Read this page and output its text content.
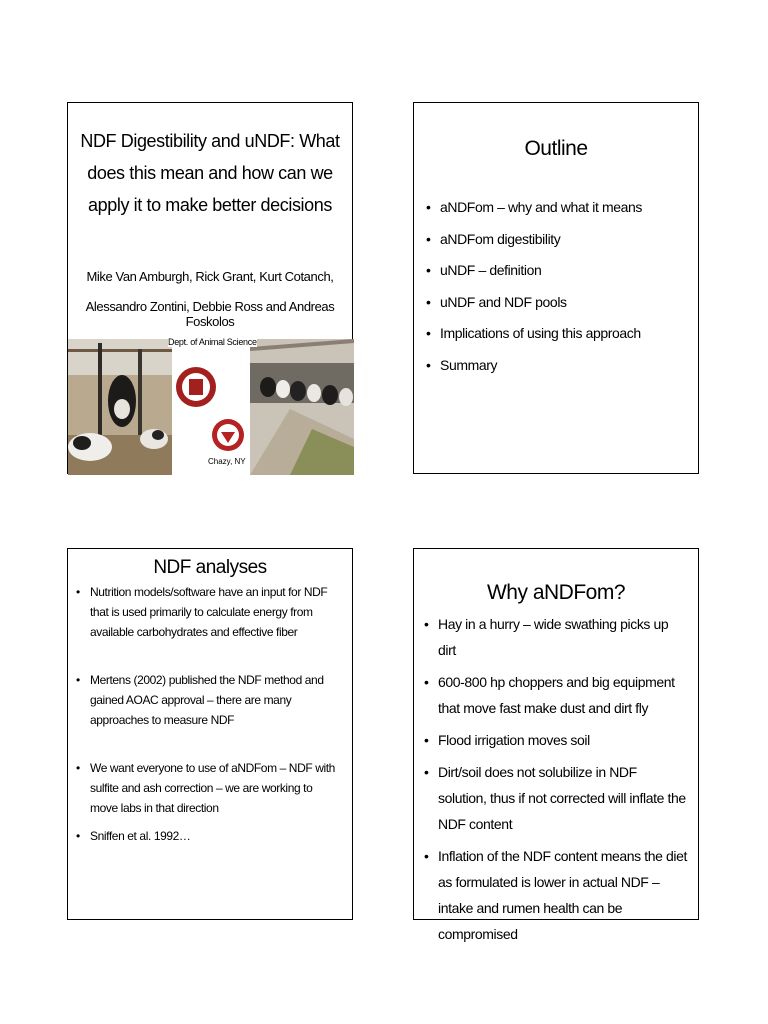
NDF Digestibility and uNDF: What
does this mean and how can we
apply it to make better decisions
Mike Van Amburgh, Rick Grant, Kurt Cotanch,
Alessandro Zontini, Debbie Ross and Andreas Foskolos
Dept. of Animal Science
Chazy, NY
Outline
• aNDFom – why and what it means
• aNDFom digestibility
• uNDF – definition
• uNDF and NDF pools
• Implications of using this approach
• Summary
NDF analyses
• Nutrition models/software have an input for NDF that is used primarily to calculate energy from available carbohydrates and effective fiber
• Mertens (2002) published the NDF method and gained AOAC approval – there are many approaches to measure NDF
• We want everyone to use of aNDFom – NDF with sulfite and ash correction – we are working to move labs in that direction
• Sniffen et al. 1992…
Why aNDFom?
• Hay in a hurry – wide swathing picks up dirt
• 600-800 hp choppers and big equipment that move fast make dust and dirt fly
• Flood irrigation moves soil
• Dirt/soil does not solubilize in NDF solution, thus if not corrected will inflate the NDF content
• Inflation of the NDF content means the diet as formulated is lower in actual NDF – intake and rumen health can be compromised
